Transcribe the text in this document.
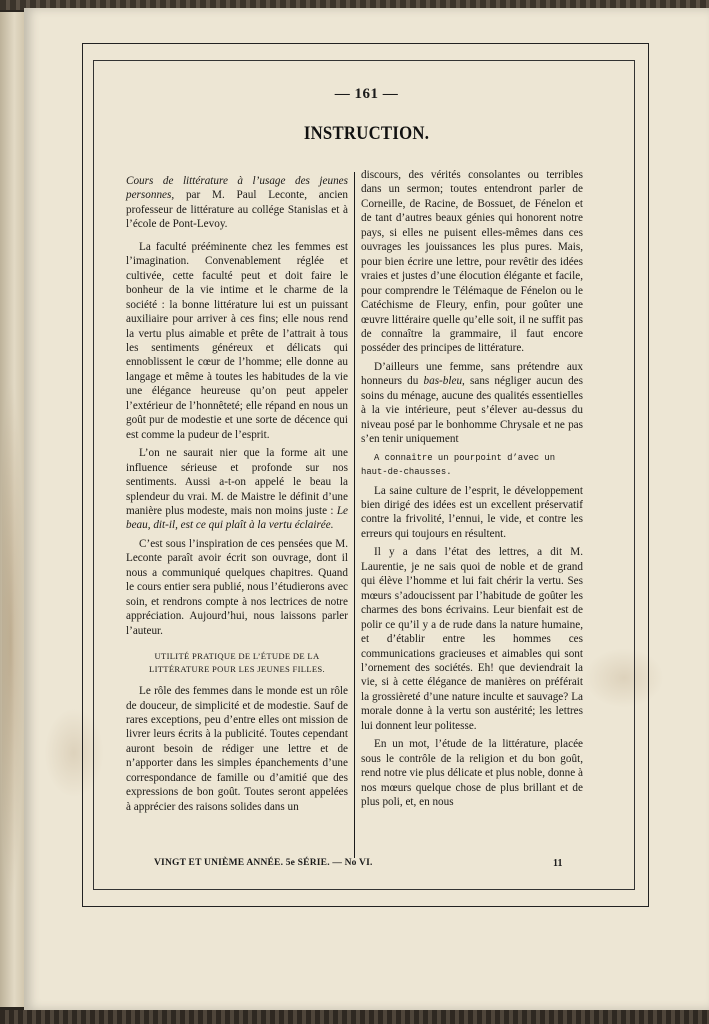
— 161 —
INSTRUCTION.

Cours de littérature à l’usage des jeunes personnes, par M. Paul Leconte, ancien professeur de littérature au collége Stanislas et à l’école de Pont-Levoy.

La faculté prééminente chez les femmes est l’imagination. Convenablement réglée et cultivée, cette faculté peut et doit faire le bonheur de la vie intime et le charme de la société : la bonne littérature lui est un puissant auxiliaire pour arriver à ces fins; elle nous rend la vertu plus aimable et prête de l’attrait à tous les sentiments généreux et délicats qui ennoblissent le cœur de l’homme; elle donne au langage et même à toutes les habitudes de la vie une élégance heureuse qu’on peut appeler l’extérieur de l’honnêteté; elle répand en nous un goût pur de modestie et une sorte de décence qui est comme la pudeur de l’esprit.

L’on ne saurait nier que la forme ait une influence sérieuse et profonde sur nos sentiments. Aussi a-t-on appelé le beau la splendeur du vrai. M. de Maistre le définit d’une manière plus modeste, mais non moins juste : Le beau, dit-il, est ce qui plaît à la vertu éclairée.

C’est sous l’inspiration de ces pensées que M. Leconte paraît avoir écrit son ouvrage, dont il nous a communiqué quelques chapitres. Quand le cours entier sera publié, nous l’étudierons avec soin, et rendrons compte à nos lectrices de notre appréciation. Aujourd’hui, nous laissons parler l’auteur.

UTILITÉ PRATIQUE DE L’ÉTUDE DE LA LITTÉRATURE POUR LES JEUNES FILLES.

Le rôle des femmes dans le monde est un rôle de douceur, de simplicité et de modestie. Sauf de rares exceptions, peu d’entre elles ont mission de livrer leurs écrits à la publicité. Toutes cependant auront besoin de rédiger une lettre et de n’apporter dans les simples épanchements d’une correspondance de famille ou d’amitié que des expressions de bon goût. Toutes seront appelées à apprécier des raisons solides dans un

discours, des vérités consolantes ou terribles dans un sermon; toutes entendront parler de Corneille, de Racine, de Bossuet, de Fénelon et de tant d’autres beaux génies qui honorent notre pays, si elles ne puisent elles-mêmes dans ces ouvrages les jouissances les plus pures. Mais, pour bien écrire une lettre, pour revêtir des idées vraies et justes d’une élocution élégante et facile, pour comprendre le Télémaque de Fénelon ou le Catéchisme de Fleury, enfin, pour goûter une œuvre littéraire quelle qu’elle soit, il ne suffit pas de connaître la grammaire, il faut encore posséder des principes de littérature.

D’ailleurs une femme, sans prétendre aux honneurs du bas-bleu, sans négliger aucun des soins du ménage, aucune des qualités essentielles à la vie intérieure, peut s’élever au-dessus du niveau posé par le bonhomme Chrysale et ne pas s’en tenir uniquement

A connaître un pourpoint d’avec un haut-de-chausses.

La saine culture de l’esprit, le développement bien dirigé des idées est un excellent préservatif contre la frivolité, l’ennui, le vide, et contre les erreurs qui toujours en résultent.

Il y a dans l’état des lettres, a dit M. Laurentie, je ne sais quoi de noble et de grand qui élève l’homme et lui fait chérir la vertu. Ses mœurs s’adoucissent par l’habitude de goûter les charmes des bons écrivains. Leur bienfait est de polir ce qu’il y a de rude dans la nature humaine, et d’établir entre les hommes ces communications gracieuses et aimables qui sont l’ornement des sociétés. Eh! que deviendrait la vie, si à cette élégance de manières on préférait la grossièreté d’une nature inculte et sauvage? La morale donne à la vertu son austérité; les lettres lui donnent leur politesse.

En un mot, l’étude de la littérature, placée sous le contrôle de la religion et du bon goût, rend notre vie plus délicate et plus noble, donne à nos mœurs quelque chose de plus brillant et de plus poli, et, en nous

VINGT ET UNIÈME ANNÉE. 5e SÉRIE. — No VI.	11
